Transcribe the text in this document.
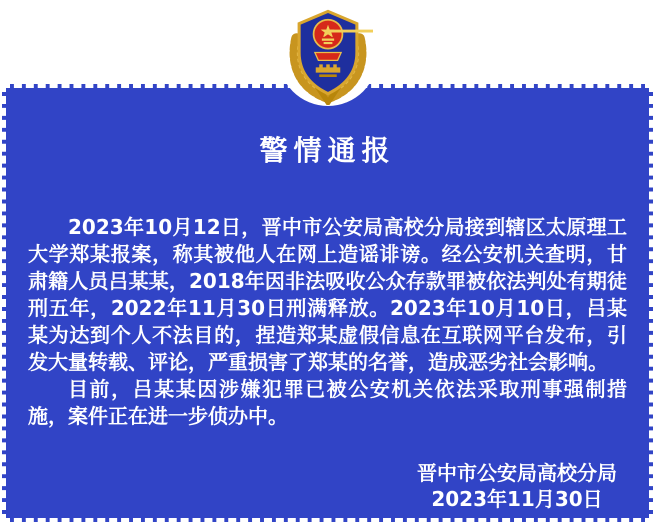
警情通报

2023年10月12日，晋中市公安局高校分局接到辖区太原理工大学郑某报案，称其被他人在网上造谣诽谤。经公安机关查明，甘肃籍人员吕某某，2018年因非法吸收公众存款罪被依法判处有期徒刑五年，2022年11月30日刑满释放。2023年10月10日，吕某某为达到个人不法目的，捏造郑某虚假信息在互联网平台发布，引发大量转载、评论，严重损害了郑某的名誉，造成恶劣社会影响。

目前，吕某某因涉嫌犯罪已被公安机关依法采取刑事强制措施，案件正在进一步侦办中。

晋中市公安局高校分局
2023年11月30日
